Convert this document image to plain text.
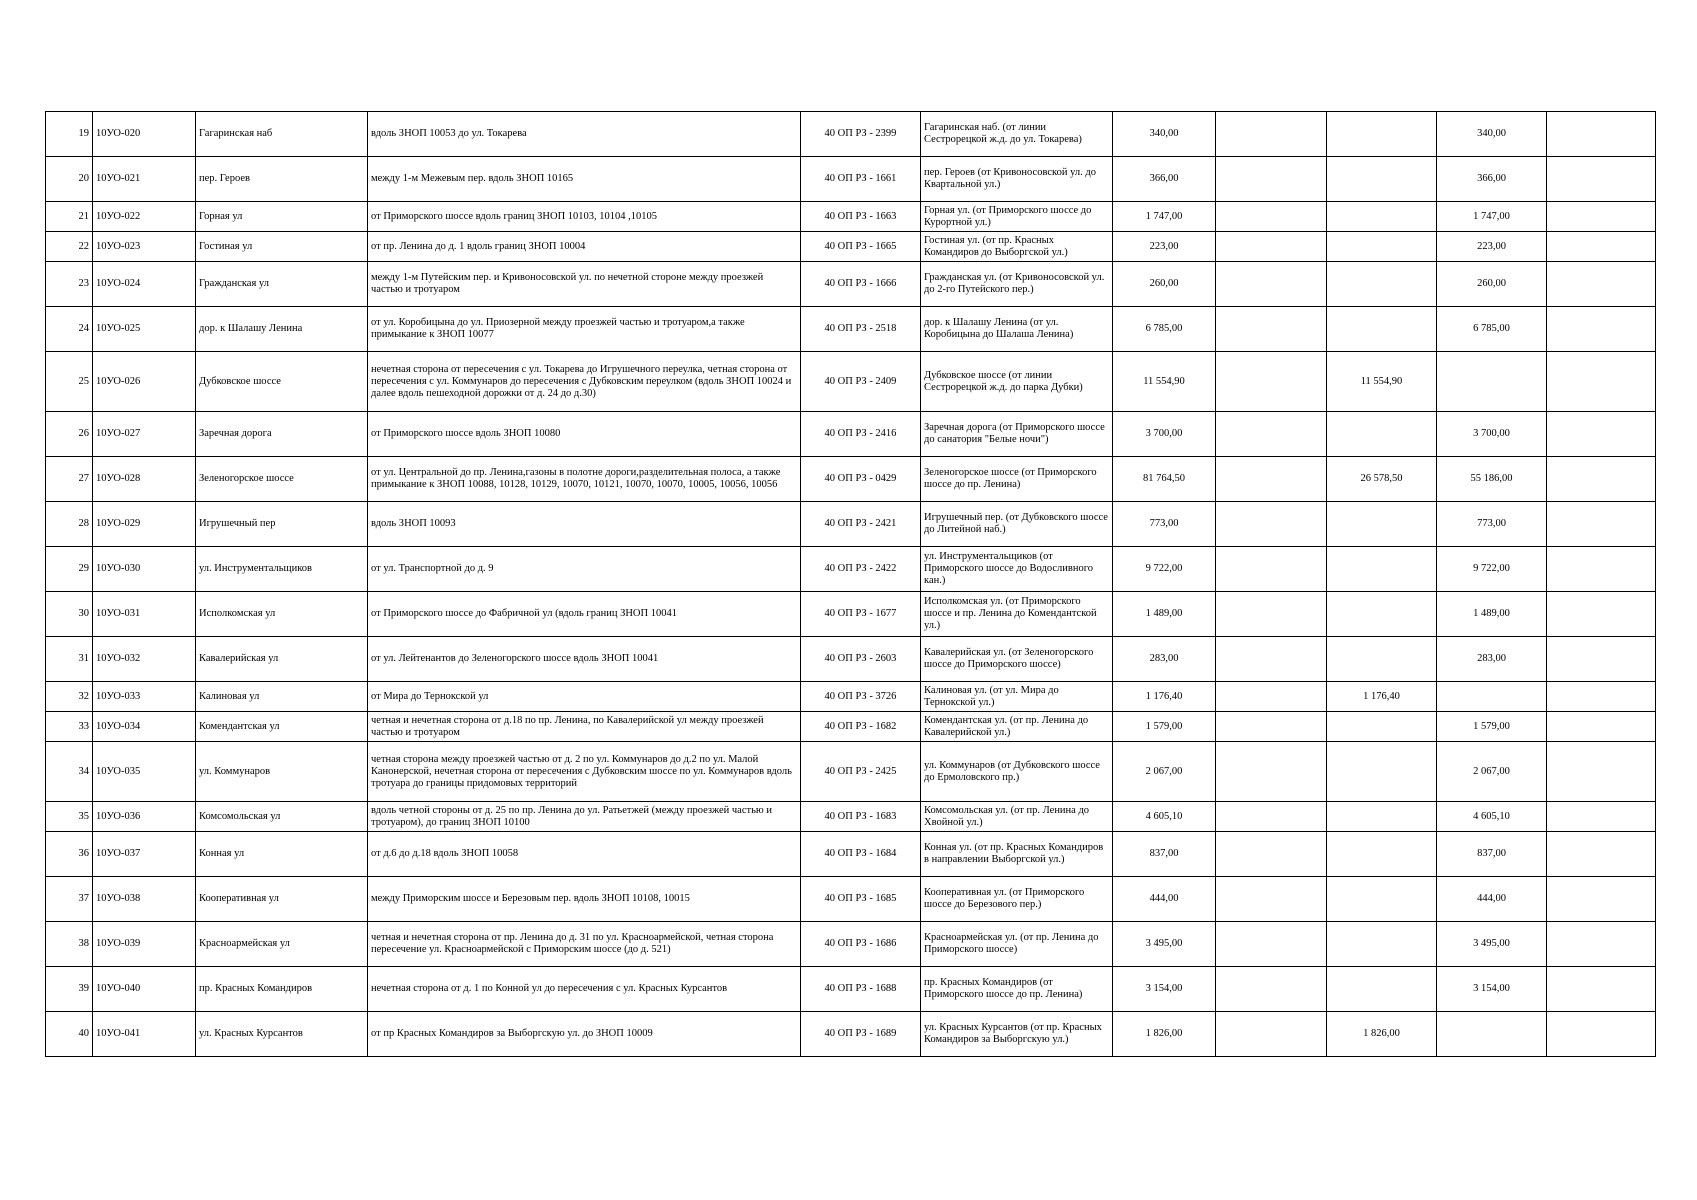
19	10УО-020	Гагаринская наб	вдоль ЗНОП 10053 до ул. Токарева	40 ОП РЗ - 2399	Гагаринская наб. (от линии Сестрорецкой ж.д. до ул. Токарева)	340,00			340,00	
20	10УО-021	пер. Героев	между 1-м Межевым пер. вдоль ЗНОП 10165	40 ОП РЗ - 1661	пер. Героев (от Кривоносовской ул. до Квартальной ул.)	366,00			366,00	
21	10УО-022	Горная ул	от Приморского шоссе вдоль границ ЗНОП 10103, 10104 ,10105	40 ОП РЗ - 1663	Горная ул. (от Приморского шоссе до Курортной ул.)	1 747,00			1 747,00	
22	10УО-023	Гостиная ул	от пр. Ленина до д. 1 вдоль границ ЗНОП 10004	40 ОП РЗ - 1665	Гостиная ул. (от пр. Красных Командиров до Выборгской ул.)	223,00			223,00	
23	10УО-024	Гражданская ул	между 1-м Путейским пер. и Кривоносовской ул. по нечетной стороне между проезжей частью и тротуаром	40 ОП РЗ - 1666	Гражданская ул. (от Кривоносовской ул. до 2-го Путейского пер.)	260,00			260,00	
24	10УО-025	дор. к Шалашу Ленина	от ул. Коробицына до ул. Приозерной между проезжей частью и тротуаром,а также примыкание к ЗНОП 10077	40 ОП РЗ - 2518	дор. к Шалашу Ленина (от ул. Коробицына до Шалаша Ленина)	6 785,00			6 785,00	
25	10УО-026	Дубковское шоссе	нечетная сторона от пересечения с ул. Токарева до Игрушечного переулка, четная сторона от пересечения с ул. Коммунаров до пересечения с Дубковским переулком (вдоль ЗНОП 10024 и далее вдоль пешеходной дорожки от д. 24 до д.30)	40 ОП РЗ - 2409	Дубковское шоссе (от линии Сестрорецкой ж.д. до парка Дубки)	11 554,90		11 554,90		
26	10УО-027	Заречная дорога	от Приморского шоссе вдоль ЗНОП 10080	40 ОП РЗ - 2416	Заречная дорога (от Приморского шоссе до санатория "Белые ночи")	3 700,00			3 700,00	
27	10УО-028	Зеленогорское шоссе	от ул. Центральной до пр. Ленина,газоны в полотне дороги,разделительная полоса, а также примыкание к ЗНОП 10088, 10128, 10129, 10070, 10121, 10070, 10070, 10005, 10056, 10056	40 ОП РЗ - 0429	Зеленогорское шоссе (от Приморского шоссе до пр. Ленина)	81 764,50		26 578,50	55 186,00	
28	10УО-029	Игрушечный пер	вдоль ЗНОП 10093	40 ОП РЗ - 2421	Игрушечный пер. (от Дубковского шоссе до Литейной наб.)	773,00			773,00	
29	10УО-030	ул. Инструментальщиков	от ул. Транспортной до д. 9	40 ОП РЗ - 2422	ул. Инструментальщиков (от Приморского шоссе до Водосливного кан.)	9 722,00			9 722,00	
30	10УО-031	Исполкомская ул	от Приморского шоссе до Фабричной ул (вдоль границ ЗНОП 10041	40 ОП РЗ - 1677	Исполкомская ул. (от Приморского шоссе и пр. Ленина до Комендантской ул.)	1 489,00			1 489,00	
31	10УО-032	Кавалерийская ул	от ул. Лейтенантов до Зеленогорского шоссе вдоль ЗНОП 10041	40 ОП РЗ - 2603	Кавалерийская ул. (от Зеленогорского шоссе до Приморского шоссе)	283,00			283,00	
32	10УО-033	Калиновая ул	от Мира до Тернокской ул	40 ОП РЗ - 3726	Калиновая ул. (от ул. Мира до Тернокской ул.)	1 176,40		1 176,40		
33	10УО-034	Комендантская ул	четная и нечетная сторона от д.18 по пр. Ленина, по Кавалерийской ул между проезжей частью и тротуаром	40 ОП РЗ - 1682	Комендантская ул. (от пр. Ленина до Кавалерийской ул.)	1 579,00			1 579,00	
34	10УО-035	ул. Коммунаров	четная сторона между проезжей частью от д. 2 по ул. Коммунаров до д.2 по ул. Малой Канонерской, нечетная сторона от пересечения с Дубковским шоссе по ул. Коммунаров вдоль тротуара до границы придомовых территорий	40 ОП РЗ - 2425	ул. Коммунаров (от Дубковского шоссе до Ермоловского пр.)	2 067,00			2 067,00	
35	10УО-036	Комсомольская ул	вдоль четной стороны от д. 25 по пр. Ленина до ул. Ратьетжей (между проезжей частью и тротуаром), до границ ЗНОП 10100	40 ОП РЗ - 1683	Комсомольская ул. (от пр. Ленина до Хвойной ул.)	4 605,10			4 605,10	
36	10УО-037	Конная ул	от д.6 до д.18 вдоль ЗНОП 10058	40 ОП РЗ - 1684	Конная ул. (от пр. Красных Командиров в направлении Выборгской ул.)	837,00			837,00	
37	10УО-038	Кооперативная ул	между Приморским шоссе и Березовым пер. вдоль ЗНОП 10108, 10015	40 ОП РЗ - 1685	Кооперативная ул. (от Приморского шоссе до Березового пер.)	444,00			444,00	
38	10УО-039	Красноармейская ул	четная и нечетная сторона от пр. Ленина до д. 31 по ул. Красноармейской, четная сторона пересечение ул. Красноармейской с Приморским шоссе (до д. 521)	40 ОП РЗ - 1686	Красноармейская ул. (от пр. Ленина до Приморского шоссе)	3 495,00			3 495,00	
39	10УО-040	пр. Красных Командиров	нечетная сторона от д. 1 по Конной ул до пересечения с ул. Красных Курсантов	40 ОП РЗ - 1688	пр. Красных Командиров (от Приморского шоссе до пр. Ленина)	3 154,00			3 154,00	
40	10УО-041	ул. Красных Курсантов	от пр Красных Командиров за Выборгскую ул. до ЗНОП 10009	40 ОП РЗ - 1689	ул. Красных Курсантов (от пр. Красных Командиров за Выборгскую ул.)	1 826,00		1 826,00		
